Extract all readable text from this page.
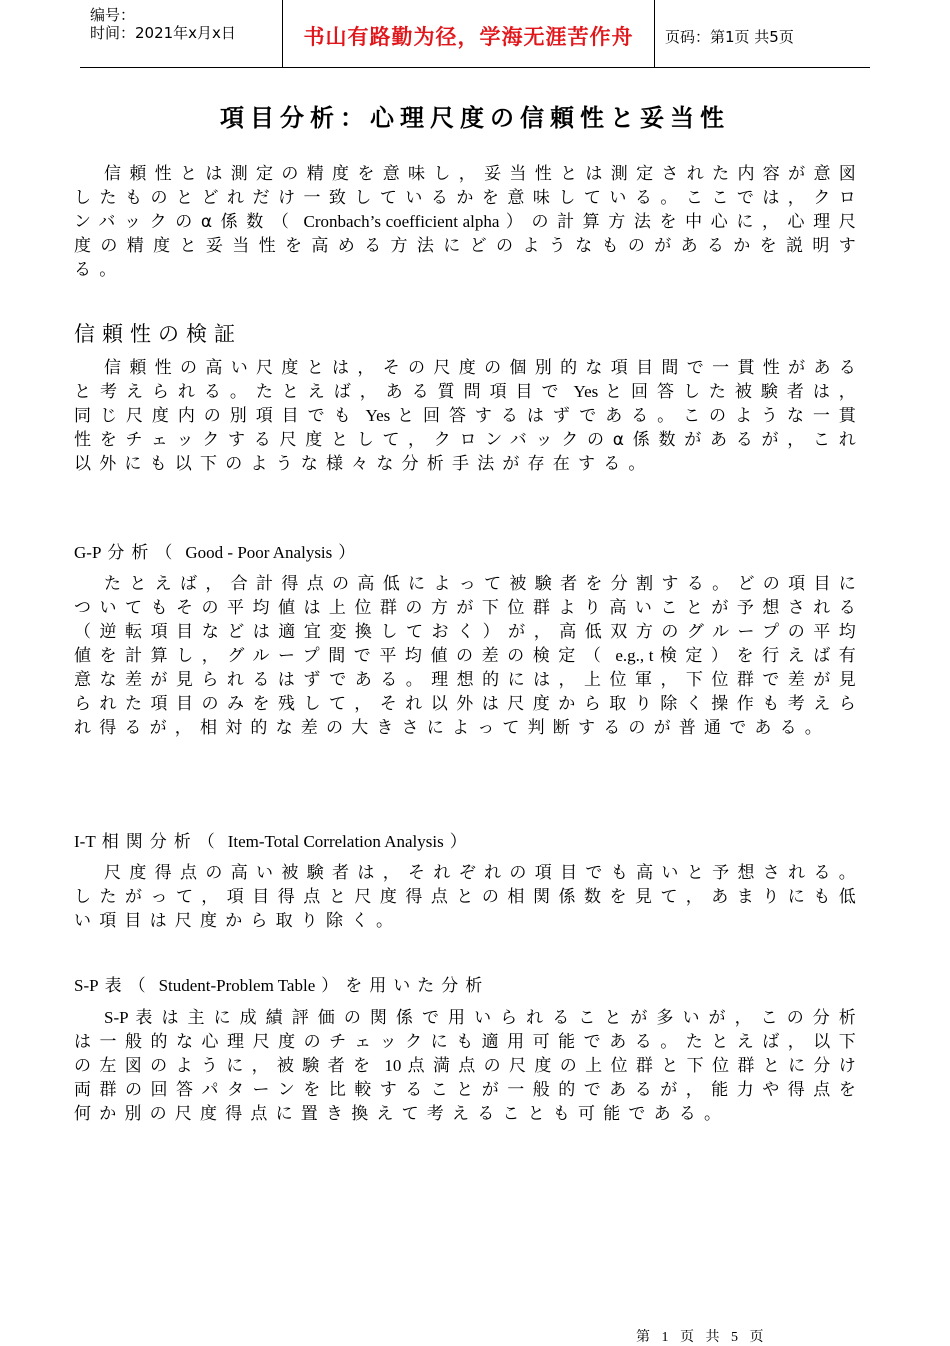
编号：
时间：2021年x月x日	书山有路勤为径，学海无涯苦作舟	页码：第1页 共5页
項目分析：心理尺度の信頼性と妥当性

信頼性とは測定の精度を意味し，妥当性とは測定された内容が意図したものとどれだけ一致しているかを意味している。ここでは，クロンバックのα係数（ Cronbach’s coefficient alpha ）の計算方法を中心に，心理尺度の精度と妥当性を高める方法にどのようなものがあるかを説明する。

信頼性の検証

信頼性の高い尺度とは，その尺度の個別的な項目間で一貫性があると考えられる。たとえば，ある質問項目で Yes と回答した被験者は，同じ尺度内の別項目でも Yes と回答するはずである。このような一貫性をチェックする尺度として，クロンバックのα係数があるが，これ以外にも以下のような様々な分析手法が存在する。

G-P 分析（ Good - Poor Analysis ）

たとえば，合計得点の高低によって被験者を分割する。どの項目についてもその平均値は上位群の方が下位群より高いことが予想される（逆転項目などは適宜変換しておく）が，高低双方のグループの平均値を計算し，グループ間で平均値の差の検定（ e.g., t 検定）を行えば有意な差が見られるはずである。理想的には，上位軍，下位群で差が見られた項目のみを残して，それ以外は尺度から取り除く操作も考えられ得るが，相対的な差の大きさによって判断するのが普通である。

I-T 相関分析（ Item-Total Correlation Analysis ）

尺度得点の高い被験者は，それぞれの項目でも高いと予想される。したがって，項目得点と尺度得点との相関係数を見て，あまりにも低い項目は尺度から取り除く。

S-P 表（ Student-Problem Table ）を用いた分析

S-P 表は主に成績評価の関係で用いられることが多いが，この分析は一般的な心理尺度のチェックにも適用可能である。たとえば，以下の左図のように，被験者を 10 点満点の尺度の上位群と下位群とに分け両群の回答パターンを比較することが一般的であるが，能力や得点を何か別の尺度得点に置き換えて考えることも可能である。

第 1 页 共 5 页
